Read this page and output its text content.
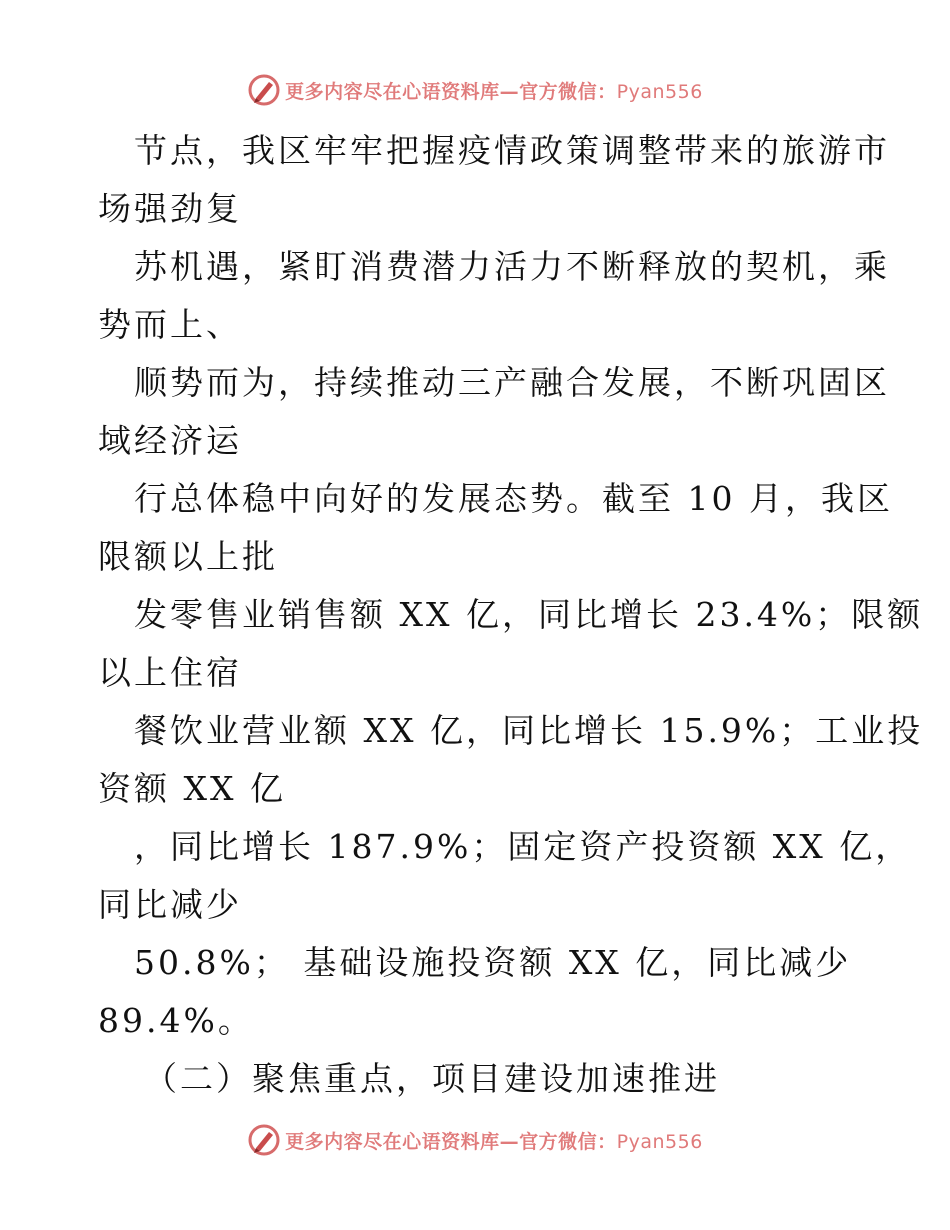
更多内容尽在心语资料库—官方微信：Pyan556
节点，我区牢牢把握疫情政策调整带来的旅游市
场强劲复
苏机遇，紧盯消费潜力活力不断释放的契机，乘
势而上、
顺势而为，持续推动三产融合发展，不断巩固区
域经济运
行总体稳中向好的发展态势。截至 10 月，我区
限额以上批
发零售业销售额 XX 亿，同比增长 23.4%；限额
以上住宿
餐饮业营业额 XX 亿，同比增长 15.9%；工业投
资额 XX 亿
，同比增长 187.9%；固定资产投资额 XX 亿，
同比减少
50.8%； 基础设施投资额 XX 亿，同比减少
89.4%。
（二）聚焦重点，项目建设加速推进
更多内容尽在心语资料库—官方微信：Pyan556
